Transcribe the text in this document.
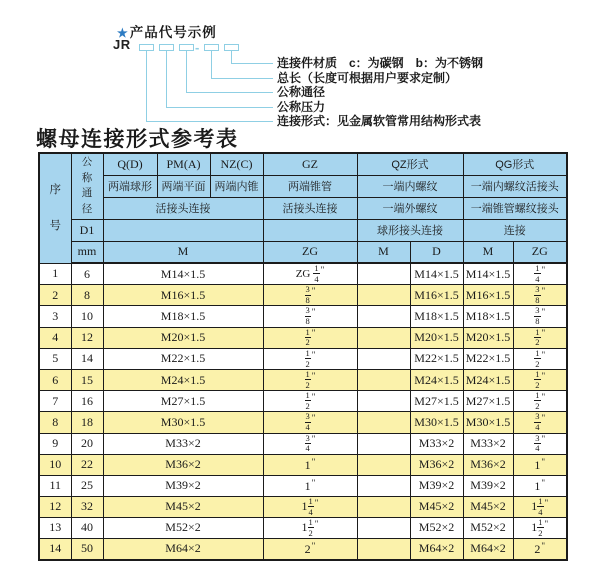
★ 产品代号示例
JR	-
连接件材质　c：为碳钢　b：为不锈钢
总长（长度可根据用户要求定制）
公称通径
公称压力
连接形式：见金属软管常用结构形式表
螺母连接形式参考表
序
号	公
称
通
径	Q(D)	PM(A)	NZ(C)	GZ	QZ形式		QG形式	
		两端球形	两端平面	两端内锥	两端锥管	一端内螺纹		一端内螺纹活接头	
		活接头连接			活接头连接	一端外螺纹		一端锥管螺纹接头	
	D1					球形接头连接		连接	
	mm	M			ZG	M	D	M	ZG
1	6	M14×1.5			ZG $\frac{1}{4} ^"$		M14×1.5	M14×1.5	$\frac{1}{4} ^"$
2	8	M16×1.5			$\frac{3}{8} ^"$		M16×1.5	M16×1.5	$\frac{3}{8} ^"$
3	10	M18×1.5			$\frac{3}{8} ^"$		M18×1.5	M18×1.5	$\frac{3}{8} ^"$
4	12	M20×1.5			$\frac{1}{2} ^"$		M20×1.5	M20×1.5	$\frac{1}{2} ^"$
5	14	M22×1.5			$\frac{1}{2} ^"$		M22×1.5	M22×1.5	$\frac{1}{2} ^"$
6	15	M24×1.5			$\frac{1}{2} ^"$		M24×1.5	M24×1.5	$\frac{1}{2} ^"$
7	16	M27×1.5			$\frac{1}{2} ^"$		M27×1.5	M27×1.5	$\frac{1}{2} ^"$
8	18	M30×1.5			$\frac{3}{4} ^"$		M30×1.5	M30×1.5	$\frac{3}{4} ^"$
9	20	M33×2			$\frac{3}{4} ^"$		M33×2	M33×2	$\frac{3}{4} ^"$
10	22	M36×2			1"		M36×2	M36×2	1"
11	25	M39×2			1"		M39×2	M39×2	1"
12	32	M45×2			$1 \frac{1}{4} ^"$		M45×2	M45×2	$1 \frac{1}{4} ^"$
13	40	M52×2			$1 \frac{1}{2} ^"$		M52×2	M52×2	$1 \frac{1}{2} ^"$
14	50	M64×2			2"		M64×2	M64×2	2"
